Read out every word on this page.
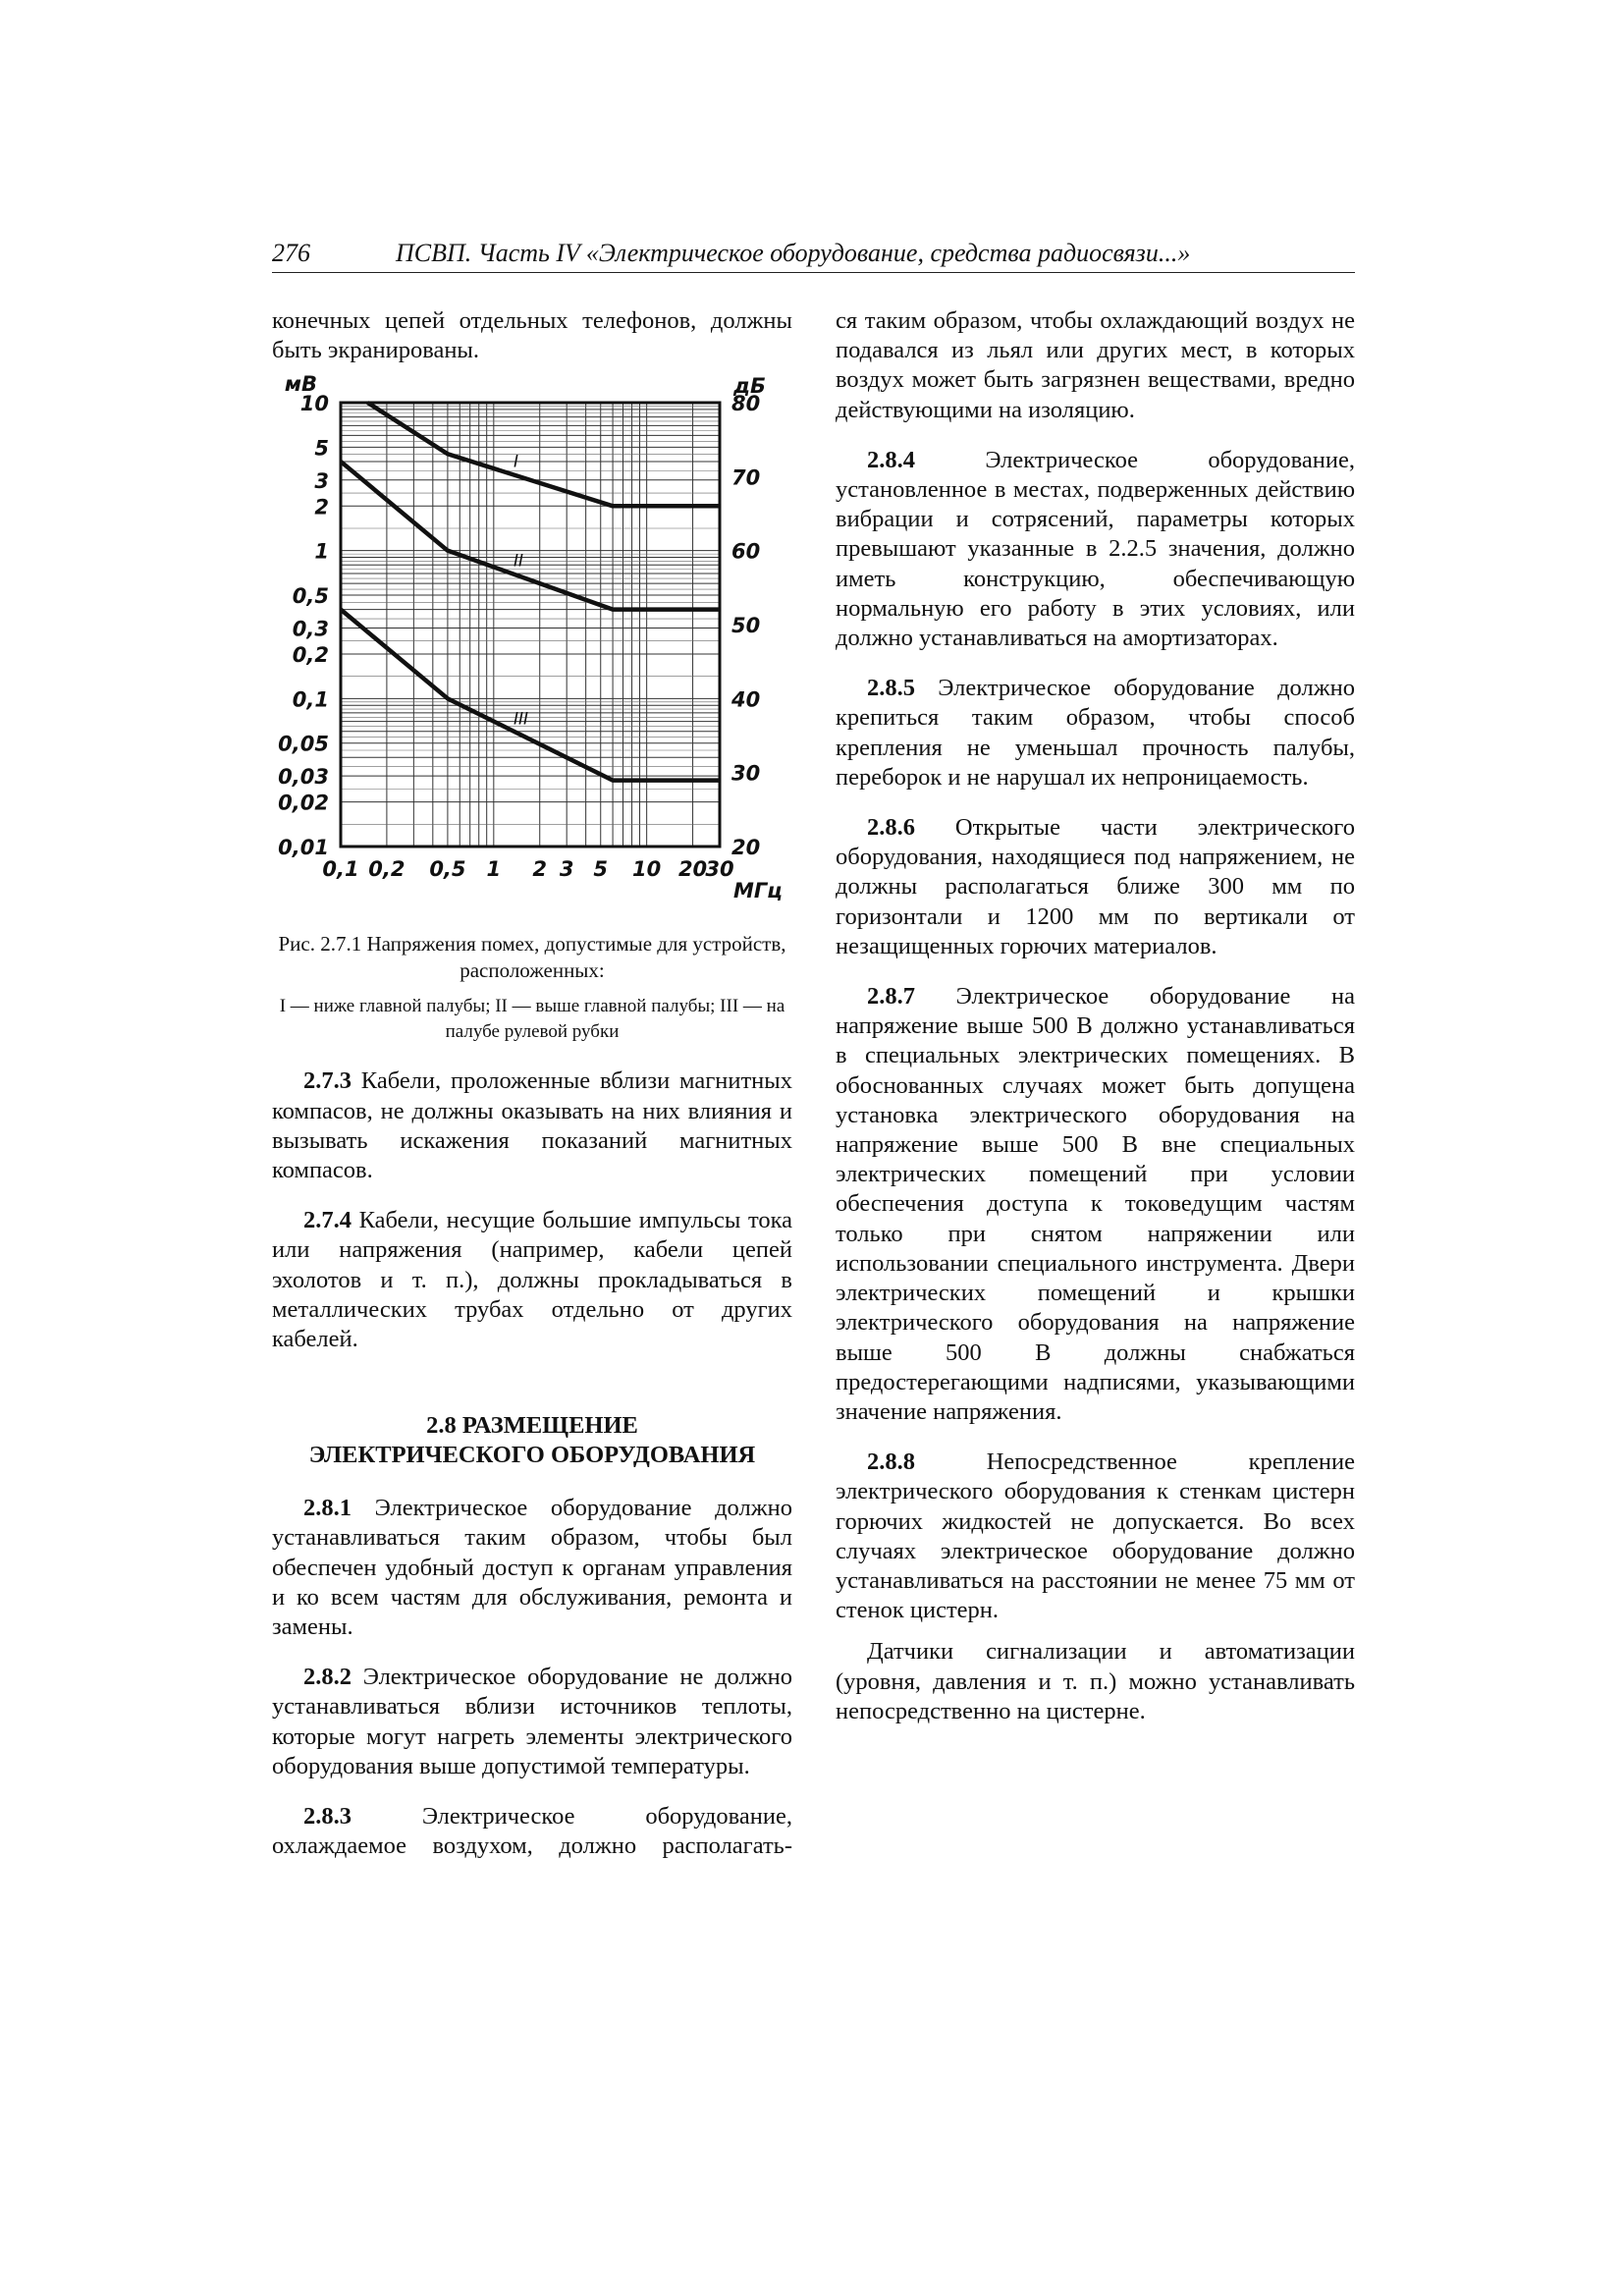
276	ПСВП. Часть IV «Электрическое оборудование, средства радиосвязи...»

конечных цепей отдельных телефонов, должны быть экранированы.

I
II
III
10
5
3
2
1
0,5
0,3
0,2
0,1
0,05
0,03
0,02
0,01
80
70
60
50
40
30
20
0,1 0,2 0,5 1 2 3 5 10 20
30
мВ	дБ
МГц

Рис. 2.7.1 Напряжения помех, допустимые для устройств, расположенных:

I — ниже главной палубы; II — выше главной палубы; III — на палубе рулевой рубки

2.7.3 Кабели, проложенные вблизи магнитных компасов, не должны оказывать на них влияния и вызывать искажения показаний магнитных компасов.

2.7.4 Кабели, несущие большие импульсы тока или напряжения (например, кабели цепей эхолотов и т. п.), должны прокладываться в металлических трубах отдельно от других кабелей.

2.8 РАЗМЕЩЕНИЕ
ЭЛЕКТРИЧЕСКОГО ОБОРУДОВАНИЯ

2.8.1 Электрическое оборудование должно устанавливаться таким образом, чтобы был обеспечен удобный доступ к органам управления и ко всем частям для обслуживания, ремонта и замены.

2.8.2 Электрическое оборудование не должно устанавливаться вблизи источников теплоты, которые могут нагреть элементы электрического оборудования выше допустимой температуры.

2.8.3 Электрическое оборудование, охлаждаемое воздухом, должно располагать-

ся таким образом, чтобы охлаждающий воздух не подавался из льял или других мест, в которых воздух может быть загрязнен веществами, вредно действующими на изоляцию.

2.8.4 Электрическое оборудование, установленное в местах, подверженных действию вибрации и сотрясений, параметры которых превышают указанные в 2.2.5 значения, должно иметь конструкцию, обеспечивающую нормальную его работу в этих условиях, или должно устанавливаться на амортизаторах.

2.8.5 Электрическое оборудование должно крепиться таким образом, чтобы способ крепления не уменьшал прочность палубы, переборок и не нарушал их непроницаемость.

2.8.6 Открытые части электрического оборудования, находящиеся под напряжением, не должны располагаться ближе 300 мм по горизонтали и 1200 мм по вертикали от незащищенных горючих материалов.

2.8.7 Электрическое оборудование на напряжение выше 500 В должно устанавливаться в специальных электрических помещениях. В обоснованных случаях может быть допущена установка электрического оборудования на напряжение выше 500 В вне специальных электрических помещений при условии обеспечения доступа к токоведущим частям только при снятом напряжении или использовании специального инструмента. Двери электрических помещений и крышки электрического оборудования на напряжение выше 500 В должны снабжаться предостерегающими надписями, указывающими значение напряжения.

2.8.8 Непосредственное крепление электрического оборудования к стенкам цистерн горючих жидкостей не допускается. Во всех случаях электрическое оборудование должно устанавливаться на расстоянии не менее 75 мм от стенок цистерн.

Датчики сигнализации и автоматизации (уровня, давления и т. п.) можно устанавливать непосредственно на цистерне.
